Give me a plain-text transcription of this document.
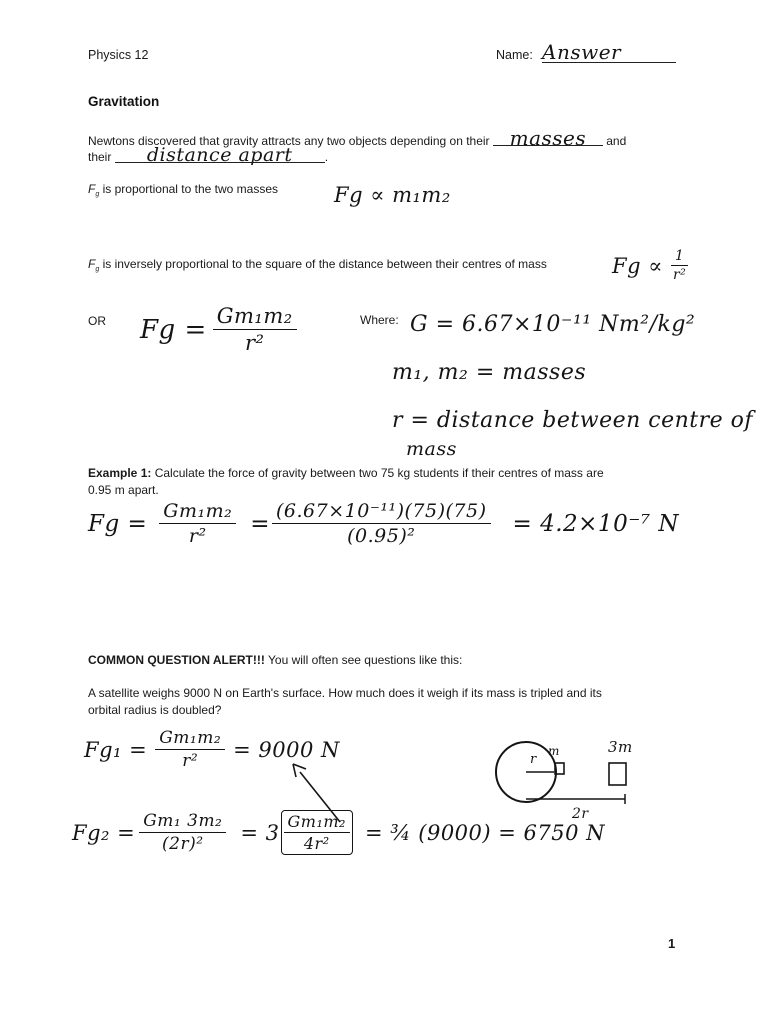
Physics 12	Name: Answer
Gravitation
Newtons discovered that gravity attracts any two objects depending on their masses and
their distance apart	.
$F_g$ is proportional to the two masses	Fg ∝ m₁m₂
$F_g$ is inversely proportional to the square of the distance between their centres of mass	$Fg \propto \frac{1}{\text{r²}}$
OR $Fg = \frac{\text{Gm₁m₂}}{\text{r²}}$	Where: G = 6.67×10⁻¹¹ Nm²/kg²
m₁, m₂ = masses
r = distance between centre of
mass
Example 1: Calculate the force of gravity between two 75 kg students if their centres of mass are
0.95 m apart.
$Fg = \frac{\text{Gm₁m₂}}{\text{r²}} = \frac{\text{(6.67×10⁻¹¹)(75)(75)}}{\text{(0.95)²}} = 4.2\times 10^{-7}$ N
COMMON QUESTION ALERT!!! You will often see questions like this:
A satellite weighs 9000 N on Earth's surface. How much does it weigh if its mass is tripled and its
orbital radius is doubled?
$Fg_1 = \frac{\text{Gm₁m₂}}{\text{r²}} = 9000$ N	m	3m
r
2r
$Fg_2 = \frac{\text{Gm₁ 3m₂}}{\text{(2r)²}} = 3 \frac{\text{Gm₁m₂}}{\text{4r²}}$ = ¾ (9000) = 6750 N
1
